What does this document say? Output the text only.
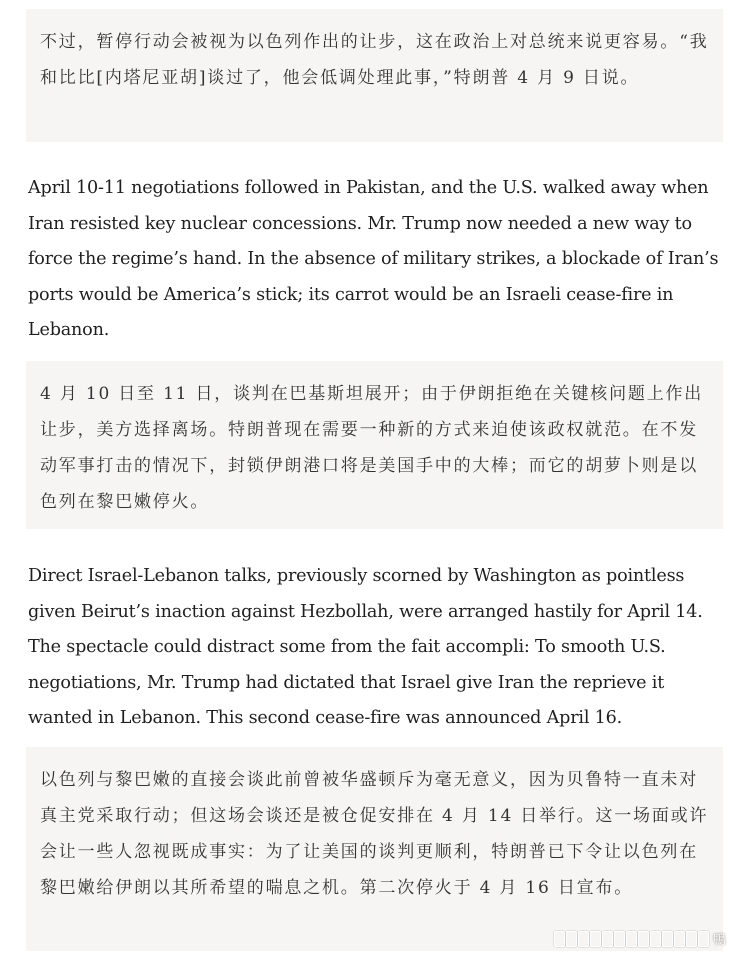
不过，暂停行动会被视为以色列作出的让步，这在政治上对总统来说更容易。“我和比比[内塔尼亚胡]谈过了，他会低调处理此事，”特朗普 4 月 9 日说。

April 10-11 negotiations followed in Pakistan, and the U.S. walked away when Iran resisted key nuclear concessions. Mr. Trump now needed a new way to force the regime’s hand. In the absence of military strikes, a blockade of Iran’s ports would be America’s stick; its carrot would be an Israeli cease-fire in Lebanon.

4 月 10 日至 11 日，谈判在巴基斯坦展开；由于伊朗拒绝在关键核问题上作出让步，美方选择离场。特朗普现在需要一种新的方式来迫使该政权就范。在不发动军事打击的情况下，封锁伊朗港口将是美国手中的大棒；而它的胡萝卜则是以色列在黎巴嫩停火。

Direct Israel-Lebanon talks, previously scorned by Washington as pointless given Beirut’s inaction against Hezbollah, were arranged hastily for April 14. The spectacle could distract some from the fait accompli: To smooth U.S. negotiations, Mr. Trump had dictated that Israel give Iran the reprieve it wanted in Lebanon. This second cease-fire was announced April 16.

以色列与黎巴嫩的直接会谈此前曾被华盛顿斥为毫无意义，因为贝鲁特一直未对真主党采取行动；但这场会谈还是被仓促安排在 4 月 14 日举行。这一场面或许会让一些人忽视既成事实：为了让美国的谈判更顺利，特朗普已下令让以色列在黎巴嫩给伊朗以其所希望的喘息之机。第二次停火于 4 月 16 日宣布。
鴨
